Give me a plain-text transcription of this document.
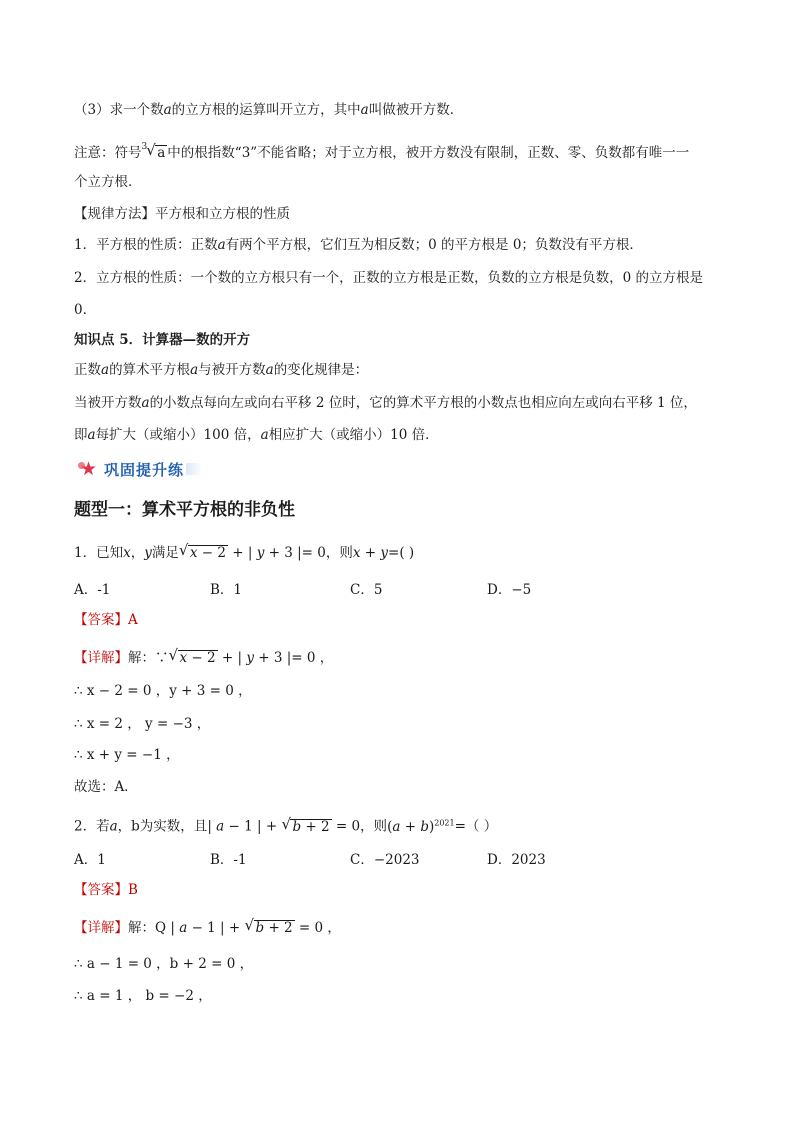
（3）求一个数a的立方根的运算叫开立方，其中a叫做被开方数．
注意：符号$^3$ √ a 中的根指数“3”不能省略；对于立方根，被开方数没有限制，正数、零、负数都有唯一一
个立方根．
【规律方法】平方根和立方根的性质
1．平方根的性质：正数a有两个平方根，它们互为相反数；0 的平方根是 0；负数没有平方根．
2．立方根的性质：一个数的立方根只有一个，正数的立方根是正数，负数的立方根是负数，0 的立方根是
0．
知识点 5．计算器—数的开方
正数a的算术平方根a与被开方数a的变化规律是：
当被开方数a的小数点每向左或向右平移 2 位时，它的算术平方根的小数点也相应向左或向右平移 1 位，
即a每扩大（或缩小）100 倍，a相应扩大（或缩小）10 倍．
★ 巩固提升练
题型一：算术平方根的非负性
1．已知x，y满足 √ x − 2 + | y + 3 |= 0，则x + y=( )
A．-1	B．1	C．5	D．−5
【答案】A
【详解】解：∵ √ x − 2 + | y + 3 |= 0 ，
∴ x − 2 = 0 ，y + 3 = 0 ，
∴ x = 2 ， y = −3 ，
∴ x + y = −1 ，
故选：A．
2．若a，b为实数，且| a − 1 | + √ b + 2 = 0，则$(a + b)^{2021}=$（ ）
A．1	B．-1	C．−2023	D．2023
【答案】B
【详解】解：Q | a − 1 | + √ b + 2 = 0 ，
∴ a − 1 = 0 ，b + 2 = 0 ，
∴ a = 1 ， b = −2 ，
